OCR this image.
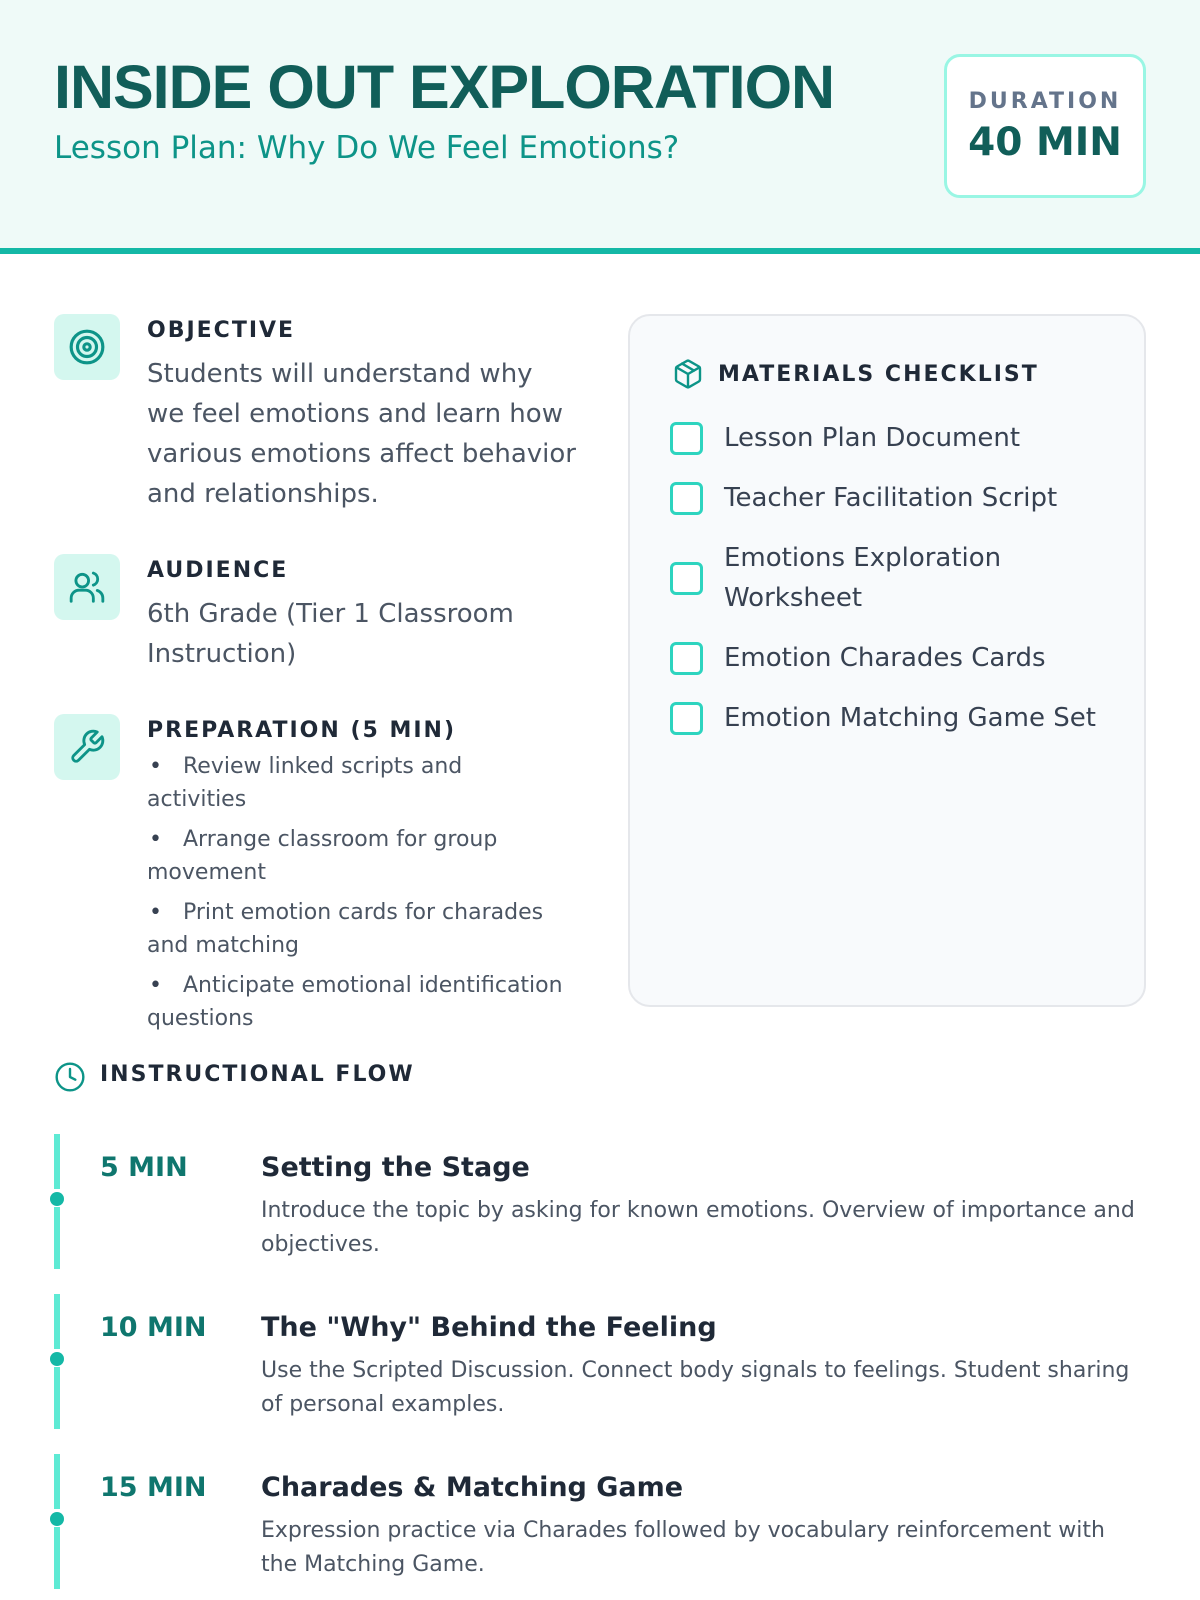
INSIDE OUT EXPLORATION
Lesson Plan: Why Do We Feel Emotions?
DURATION
40 MIN
OBJECTIVE
Students will understand why we feel emotions and learn how various emotions affect behavior and relationships.
AUDIENCE
6th Grade (Tier 1 Classroom Instruction)
PREPARATION (5 MIN)
• Review linked scripts and activities
• Arrange classroom for group movement
• Print emotion cards for charades and matching
• Anticipate emotional identification questions
MATERIALS CHECKLIST
Lesson Plan Document
Teacher Facilitation Script
Emotions Exploration Worksheet
Emotion Charades Cards
Emotion Matching Game Set
INSTRUCTIONAL FLOW
5 MIN	Setting the Stage
Introduce the topic by asking for known emotions. Overview of importance and objectives.
10 MIN The "Why" Behind the Feeling
Use the Scripted Discussion. Connect body signals to feelings. Student sharing of personal examples.
15 MIN Charades & Matching Game
Expression practice via Charades followed by vocabulary reinforcement with the Matching Game.
